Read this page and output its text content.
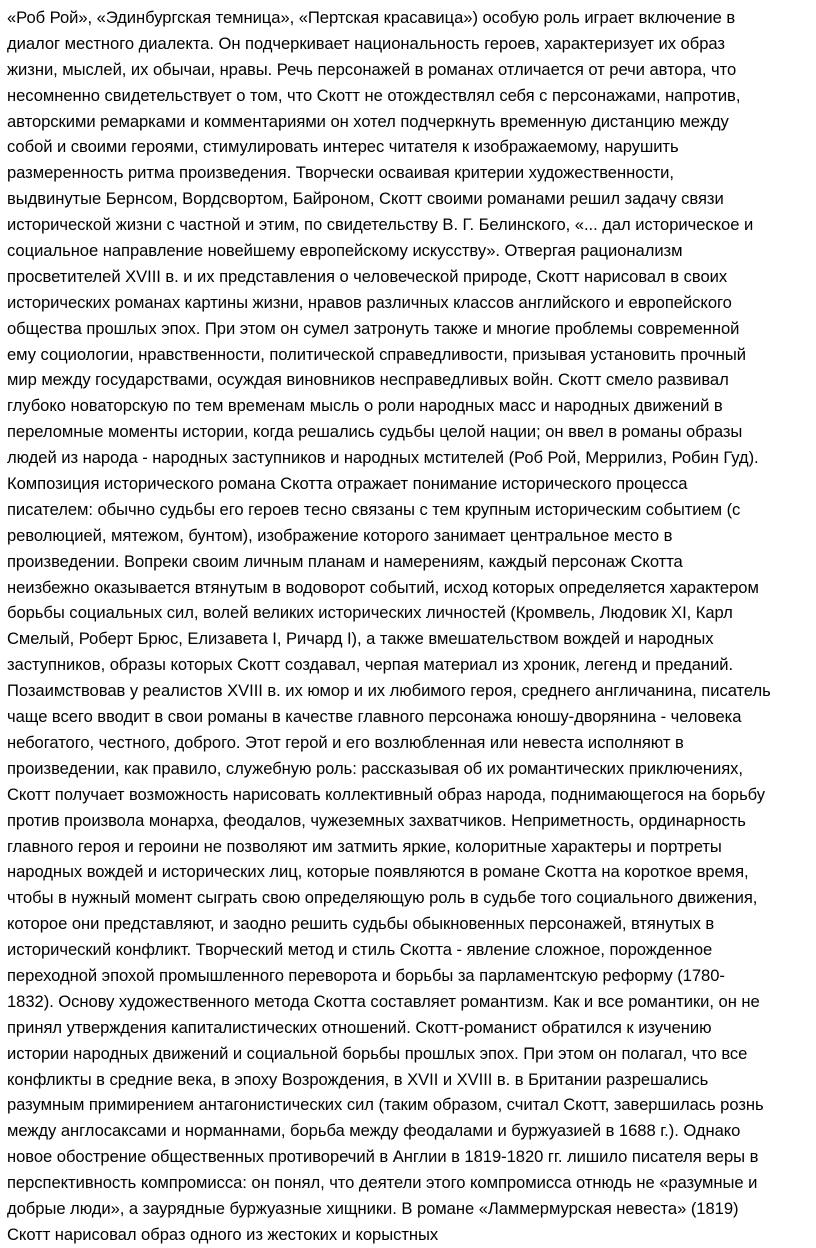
«Роб Рой», «Эдинбургская темница», «Пертская красавица») особую роль играет включение в
диалог местного диалекта. Он подчеркивает национальность героев, характеризует их образ
жизни, мыслей, их обычаи, нравы. Речь персонажей в романах отличается от речи автора, что
несомненно свидетельствует о том, что Скотт не отождествлял себя с персонажами, напротив,
авторскими ремарками и комментариями он хотел подчеркнуть временную дистанцию между
собой и своими героями, стимулировать интерес читателя к изображаемому, нарушить
размеренность ритма произведения. Творчески осваивая критерии художественности,
выдвинутые Бернсом, Вордсвортом, Байроном, Скотт своими романами решил задачу связи
исторической жизни с частной и этим, по свидетельству В. Г. Белинского, «... дал историческое и
социальное направление новейшему европейскому искусству». Отвергая рационализм
просветителей XVIII в. и их представления о человеческой природе, Скотт нарисовал в своих
исторических романах картины жизни, нравов различных классов английского и европейского
общества прошлых эпох. При этом он сумел затронуть также и многие проблемы современной
ему социологии, нравственности, политической справедливости, призывая установить прочный
мир между государствами, осуждая виновников несправедливых войн. Скотт смело развивал
глубоко новаторскую по тем временам мысль о роли народных масс и народных движений в
переломные моменты истории, когда решались судьбы целой нации; он ввел в романы образы
людей из народа - народных заступников и народных мстителей (Роб Рой, Меррилиз, Робин Гуд).
Композиция исторического романа Скотта отражает понимание исторического процесса
писателем: обычно судьбы его героев тесно связаны с тем крупным историческим событием (с
революцией, мятежом, бунтом), изображение которого занимает центральное место в
произведении. Вопреки своим личным планам и намерениям, каждый персонаж Скотта
неизбежно оказывается втянутым в водоворот событий, исход которых определяется характером
борьбы социальных сил, волей великих исторических личностей (Кромвель, Людовик XI, Карл
Смелый, Роберт Брюс, Елизавета I, Ричард I), а также вмешательством вождей и народных
заступников, образы которых Скотт создавал, черпая материал из хроник, легенд и преданий.
Позаимствовав у реалистов XVIII в. их юмор и их любимого героя, среднего англичанина, писатель
чаще всего вводит в свои романы в качестве главного персонажа юношу-дворянина - человека
небогатого, честного, доброго. Этот герой и его возлюбленная или невеста исполняют в
произведении, как правило, служебную роль: рассказывая об их романтических приключениях,
Скотт получает возможность нарисовать коллективный образ народа, поднимающегося на борьбу
против произвола монарха, феодалов, чужеземных захватчиков. Неприметность, ординарность
главного героя и героини не позволяют им затмить яркие, колоритные характеры и портреты
народных вождей и исторических лиц, которые появляются в романе Скотта на короткое время,
чтобы в нужный момент сыграть свою определяющую роль в судьбе того социального движения,
которое они представляют, и заодно решить судьбы обыкновенных персонажей, втянутых в
исторический конфликт. Творческий метод и стиль Скотта - явление сложное, порожденное
переходной эпохой промышленного переворота и борьбы за парламентскую реформу (1780-
1832). Основу художественного метода Скотта составляет романтизм. Как и все романтики, он не
принял утверждения капиталистических отношений. Скотт-романист обратился к изучению
истории народных движений и социальной борьбы прошлых эпох. При этом он полагал, что все
конфликты в средние века, в эпоху Возрождения, в XVII и XVIII в. в Британии разрешались
разумным примирением антагонистических сил (таким образом, считал Скотт, завершилась рознь
между англосаксами и норманнами, борьба между феодалами и буржуазией в 1688 г.). Однако
новое обострение общественных противоречий в Англии в 1819-1820 гг. лишило писателя веры в
перспективность компромисса: он понял, что деятели этого компромисса отнюдь не «разумные и
добрые люди», а заурядные буржуазные хищники. В романе «Ламмермурская невеста» (1819)
Скотт нарисовал образ одного из жестоких и корыстных
